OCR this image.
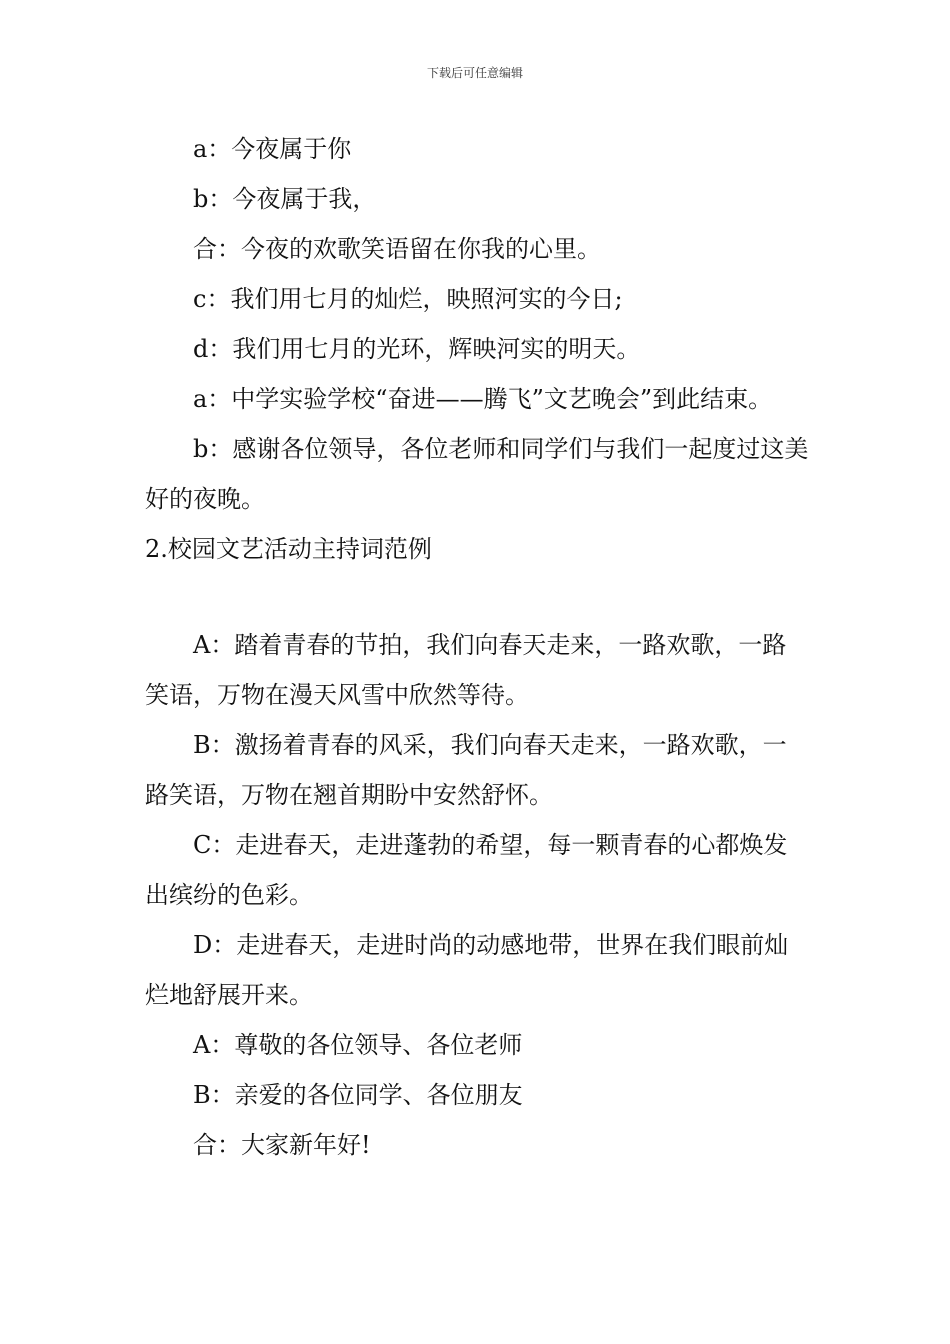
下载后可任意编辑

a：今夜属于你

b：今夜属于我，

合：今夜的欢歌笑语留在你我的心里。

c：我们用七月的灿烂，映照河实的今日;

d：我们用七月的光环，辉映河实的明天。

a：中学实验学校“奋进——腾飞”文艺晚会”到此结束。

b：感谢各位领导，各位老师和同学们与我们一起度过这美好的夜晚。

2.校园文艺活动主持词范例

A：踏着青春的节拍，我们向春天走来，一路欢歌，一路笑语，万物在漫天风雪中欣然等待。

B：激扬着青春的风采，我们向春天走来，一路欢歌，一路笑语，万物在翘首期盼中安然舒怀。

C：走进春天，走进蓬勃的希望，每一颗青春的心都焕发出缤纷的色彩。

D：走进春天，走进时尚的动感地带，世界在我们眼前灿烂地舒展开来。

A：尊敬的各位领导、各位老师

B：亲爱的各位同学、各位朋友

合：大家新年好!
